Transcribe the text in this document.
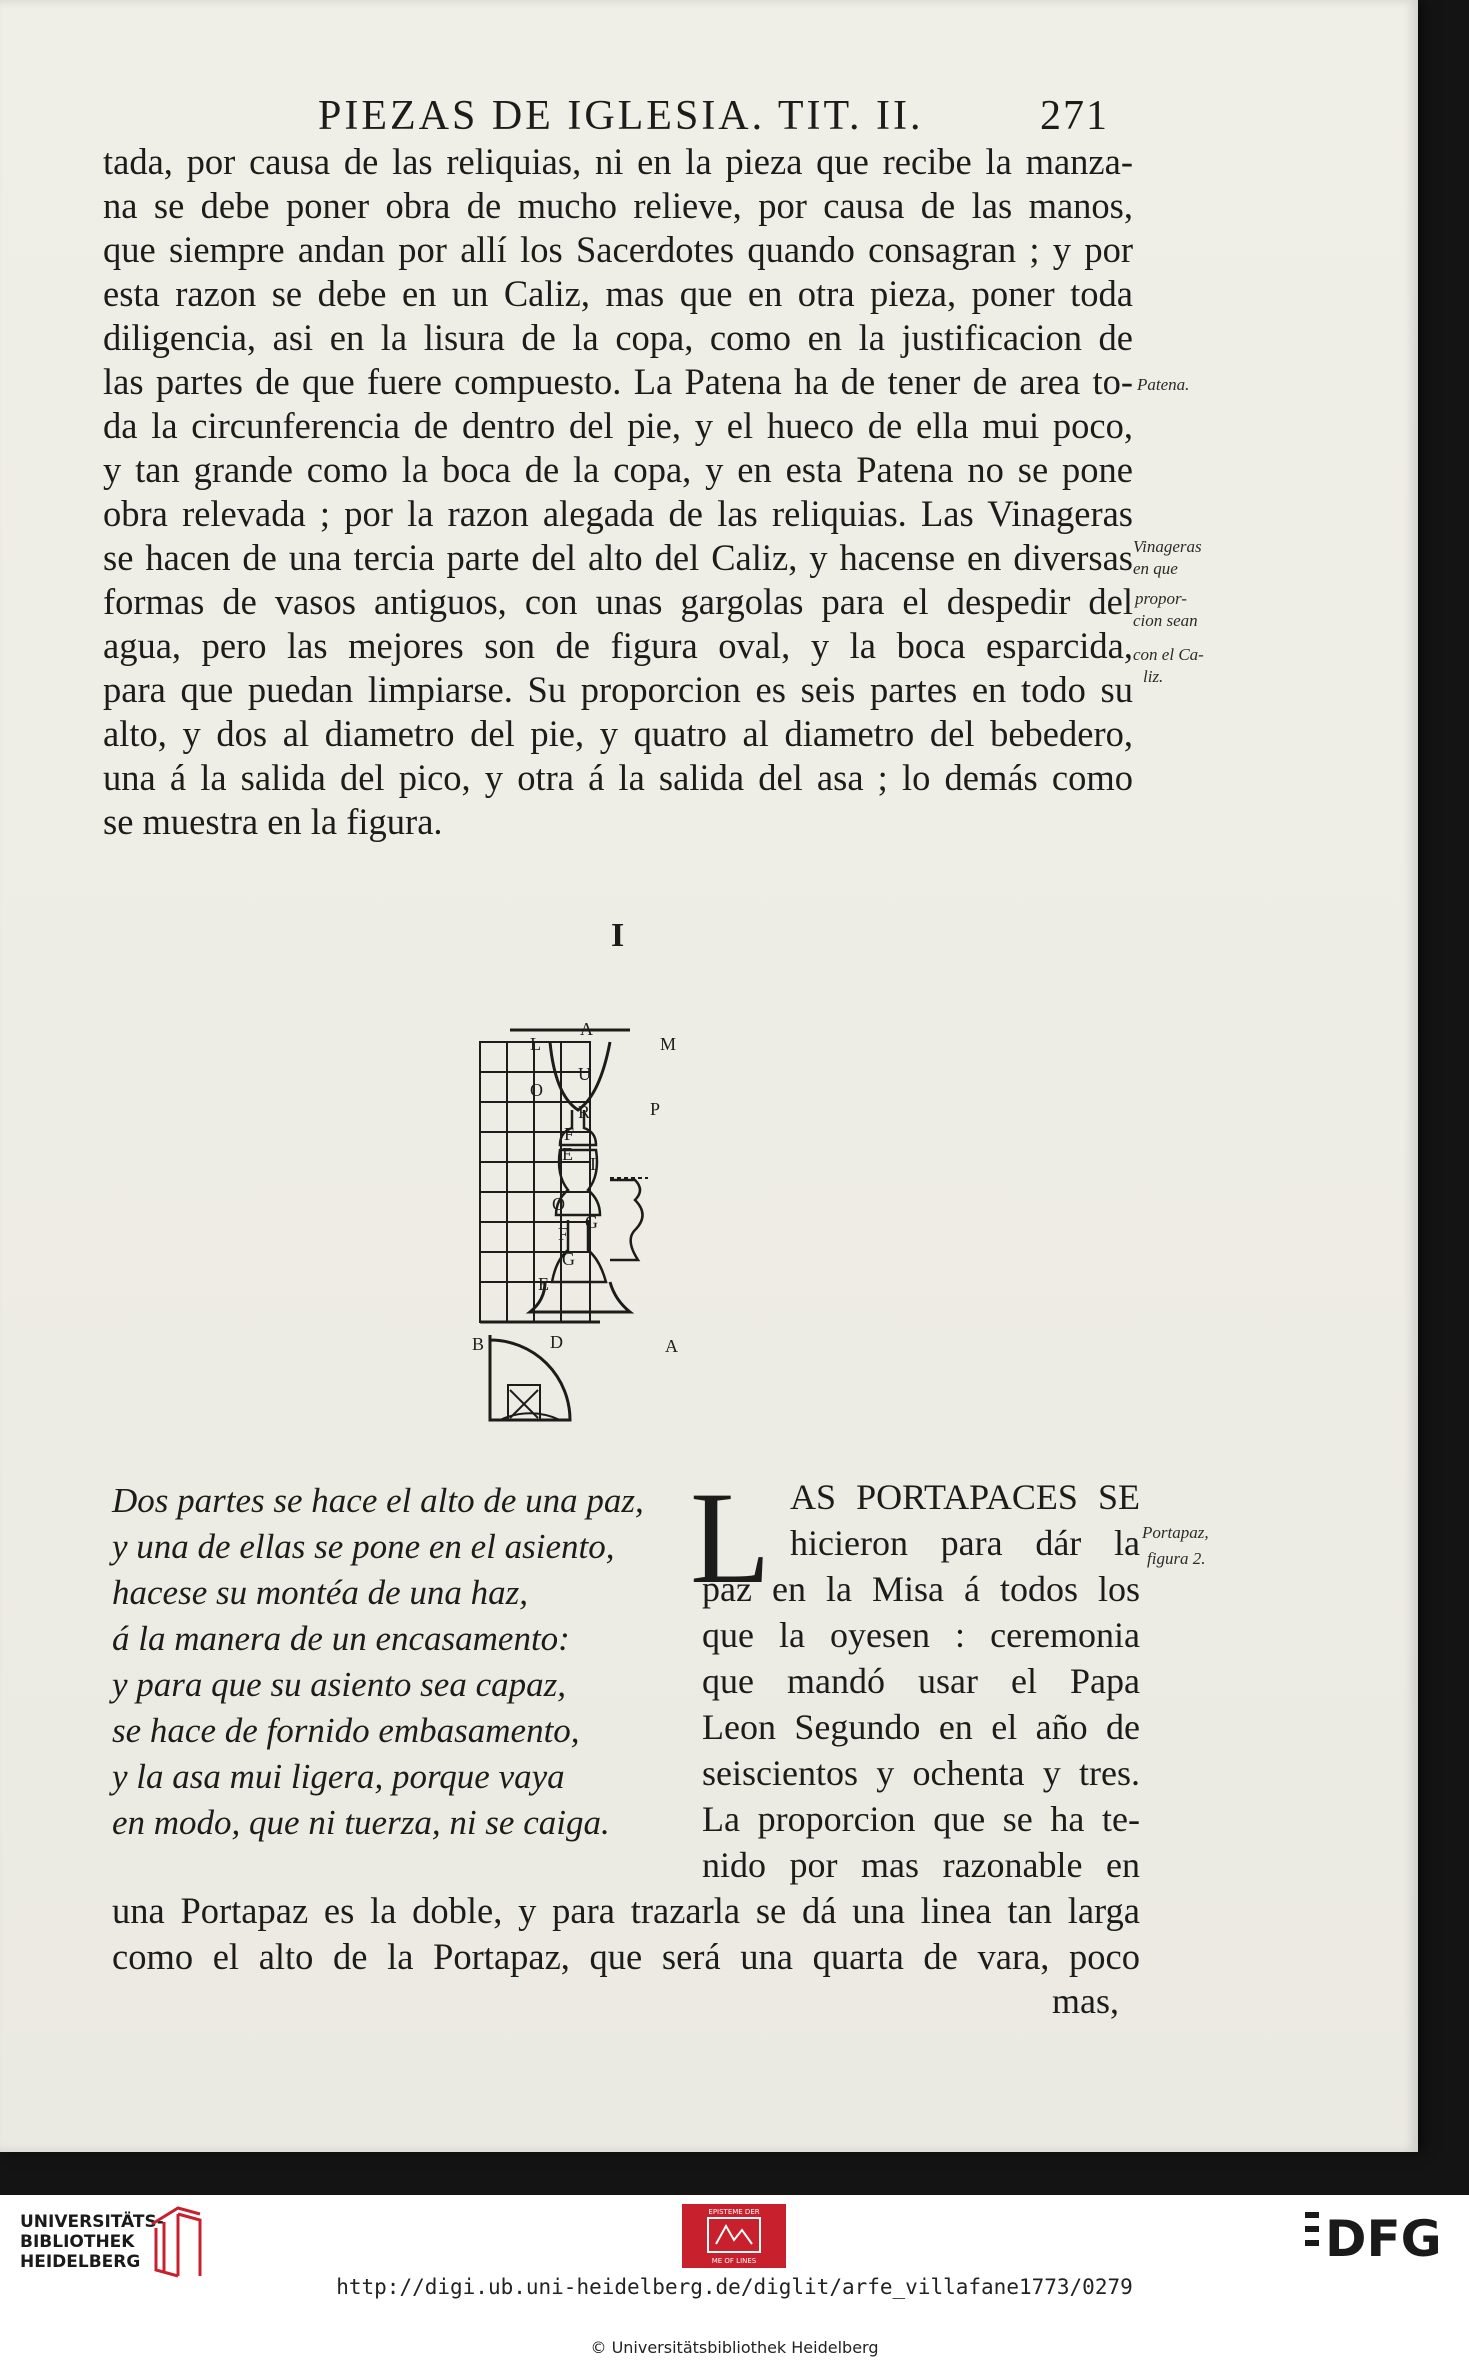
PIEZAS DE IGLESIA. TIT. II.	271
tada, por causa de las reliquias, ni en la pieza que recibe la manza-
na se debe poner obra de mucho relieve, por causa de las manos,
que siempre andan por allí los Sacerdotes quando consagran ; y por
esta razon se debe en un Caliz, mas que en otra pieza, poner toda
diligencia, asi en la lisura de la copa, como en la justificacion de
las partes de que fuere compuesto. La Patena ha de tener de area to-
da la circunferencia de dentro del pie, y el hueco de ella mui poco,
y tan grande como la boca de la copa, y en esta Patena no se pone
obra relevada ; por la razon alegada de las reliquias. Las Vinageras
se hacen de una tercia parte del alto del Caliz, y hacense en diversas
formas de vasos antiguos, con unas gargolas para el despedir del
agua, pero las mejores son de figura oval, y la boca esparcida,
para que puedan limpiarse. Su proporcion es seis partes en todo su
alto, y dos al diametro del pie, y quatro al diametro del bebedero,
una á la salida del pico, y otra á la salida del asa ; lo demás como
se muestra en la figura.
Patena.
Vinageras
en que
propor-
cion sean
con el Ca-
liz.
I
L
A
M
U
O
R	P
F
E I
O
F
G
G
E
B	D	A
Dos partes se hace el alto de una paz,
y una de ellas se pone en el asiento,
hacese su montéa de una haz,
á la manera de un encasamento:
y para que su asiento sea capaz,
se hace de fornido embasamento,
y la asa mui ligera, porque vaya
en modo, que ni tuerza, ni se caiga.
L AS PORTAPACES SE
hicieron para dár la
paz en la Misa á todos los
que la oyesen : ceremonia
que mandó usar el Papa
Leon Segundo en el año de
seiscientos y ochenta y tres.
La proporcion que se ha te-
nido por mas razonable en
Portapaz,
figura 2.
una Portapaz es la doble, y para trazarla se dá una linea tan larga
como el alto de la Portapaz, que será una quarta de vara, poco
mas,
UNIVERSITÄTS-
BIBLIOTHEK
HEIDELBERG
EPISTEME DER
ME OF LINES	DFG
http://digi.ub.uni-heidelberg.de/diglit/arfe_villafane1773/0279
© Universitätsbibliothek Heidelberg
